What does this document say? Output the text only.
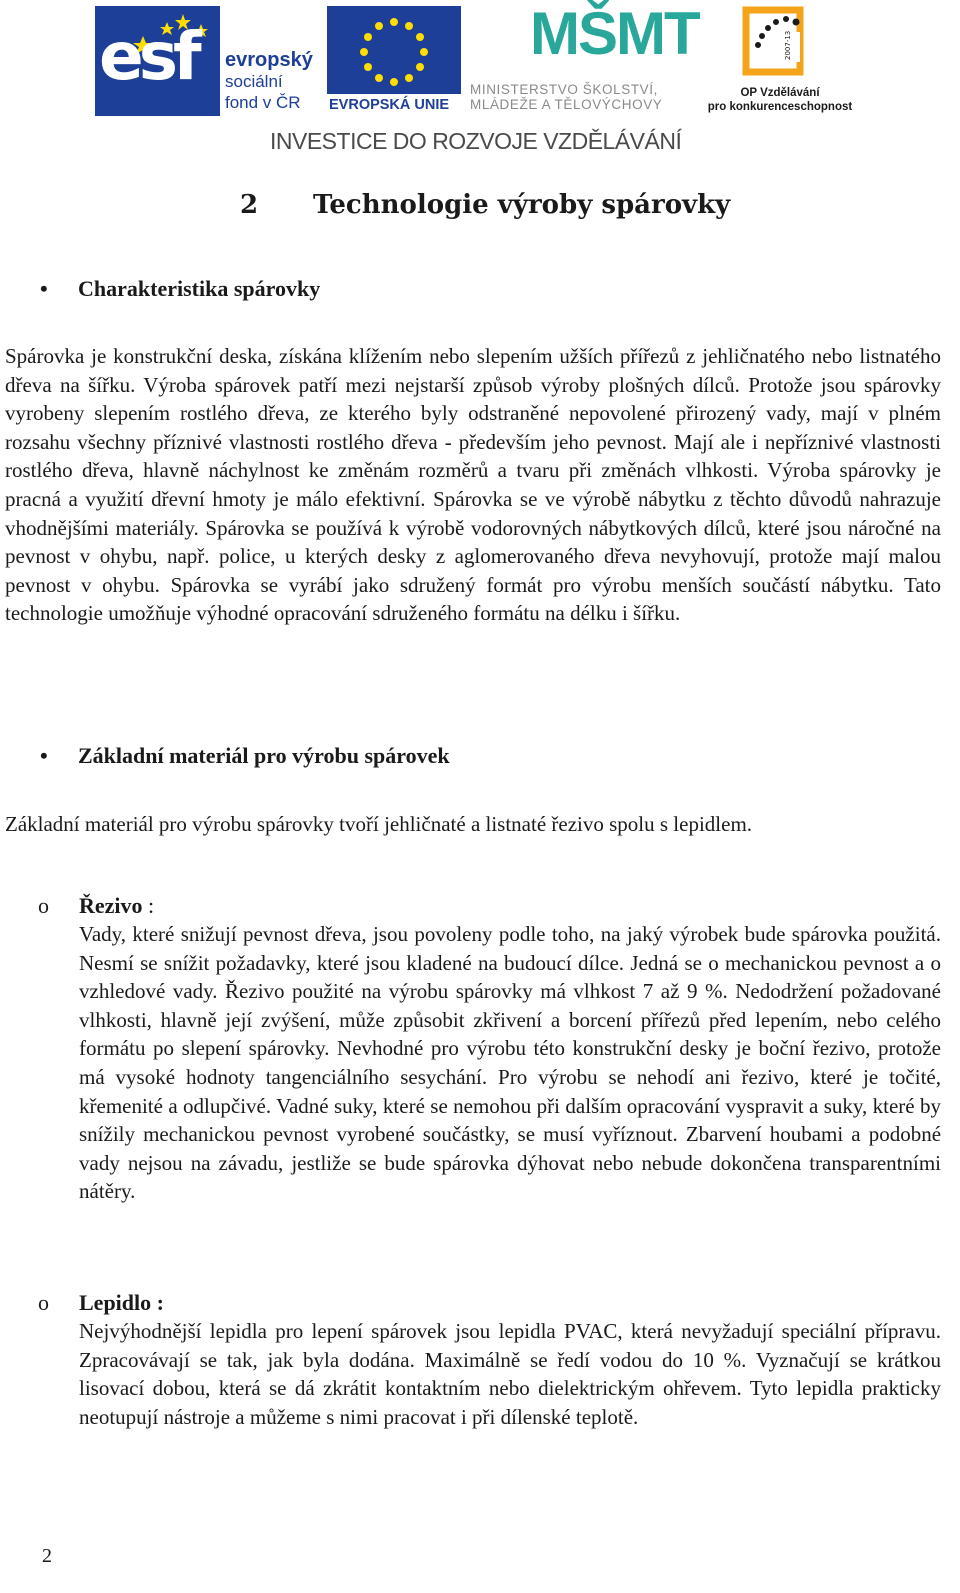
esf evropský
sociální
fond v ČR	EVROPSKÁ UNIE
MŠMT
MINISTERSTVO ŠKOLSTVÍ,
MLÁDEŽE A TĚLOVÝCHOVY
2007-13
OP Vzdělávání
pro konkurenceschopnost
INVESTICE DO ROZVOJE VZDĚLÁVÁNÍ
2 Technologie výroby spárovky
• Charakteristika spárovky

Spárovka je konstrukční deska, získána klížením nebo slepením užších přířezů z jehličnatého nebo listnatého dřeva na šířku. Výroba spárovek patří mezi nejstarší způsob výroby plošných dílců. Protože jsou spárovky vyrobeny slepením rostlého dřeva, ze kterého byly odstraněné nepovolené přirozený vady, mají v plném rozsahu všechny příznivé vlastnosti rostlého dřeva - především jeho pevnost. Mají ale i nepříznivé vlastnosti rostlého dřeva, hlavně náchylnost ke změnám rozměrů a tvaru při změnách vlhkosti. Výroba spárovky je pracná a využití dřevní hmoty je málo efektivní. Spárovka se ve výrobě nábytku z těchto důvodů nahrazuje vhodnějšími materiály. Spárovka se používá k výrobě vodorovných nábytkových dílců, které jsou náročné na pevnost v ohybu, např. police, u kterých desky z aglomerovaného dřeva nevyhovují, protože mají malou pevnost v ohybu. Spárovka se vyrábí jako sdružený formát pro výrobu menších součástí nábytku. Tato technologie umožňuje výhodné opracování sdruženého formátu na délku i šířku.

• Základní materiál pro výrobu spárovek

Základní materiál pro výrobu spárovky tvoří jehličnaté a listnaté řezivo spolu s lepidlem.

o Řezivo :

Vady, které snižují pevnost dřeva, jsou povoleny podle toho, na jaký výrobek bude spárovka použitá. Nesmí se snížit požadavky, které jsou kladené na budoucí dílce. Jedná se o mechanickou pevnost a o vzhledové vady. Řezivo použité na výrobu spárovky má vlhkost 7 až 9 %. Nedodržení požadované vlhkosti, hlavně její zvýšení, může způsobit zkřivení a borcení přířezů před lepením, nebo celého formátu po slepení spárovky. Nevhodné pro výrobu této konstrukční desky je boční řezivo, protože má vysoké hodnoty tangenciálního sesychání. Pro výrobu se nehodí ani řezivo, které je točité, křemenité a odlupčivé. Vadné suky, které se nemohou při dalším opracování vyspravit a suky, které by snížily mechanickou pevnost vyrobené součástky, se musí vyříznout. Zbarvení houbami a podobné vady nejsou na závadu, jestliže se bude spárovka dýhovat nebo nebude dokončena transparentními nátěry.

o Lepidlo :

Nejvýhodnější lepidla pro lepení spárovek jsou lepidla PVAC, která nevyžadují speciální přípravu. Zpracovávají se tak, jak byla dodána. Maximálně se ředí vodou do 10 %. Vyznačují se krátkou lisovací dobou, která se dá zkrátit kontaktním nebo dielektrickým ohřevem. Tyto lepidla prakticky neotupují nástroje a můžeme s nimi pracovat i při dílenské teplotě.

2
